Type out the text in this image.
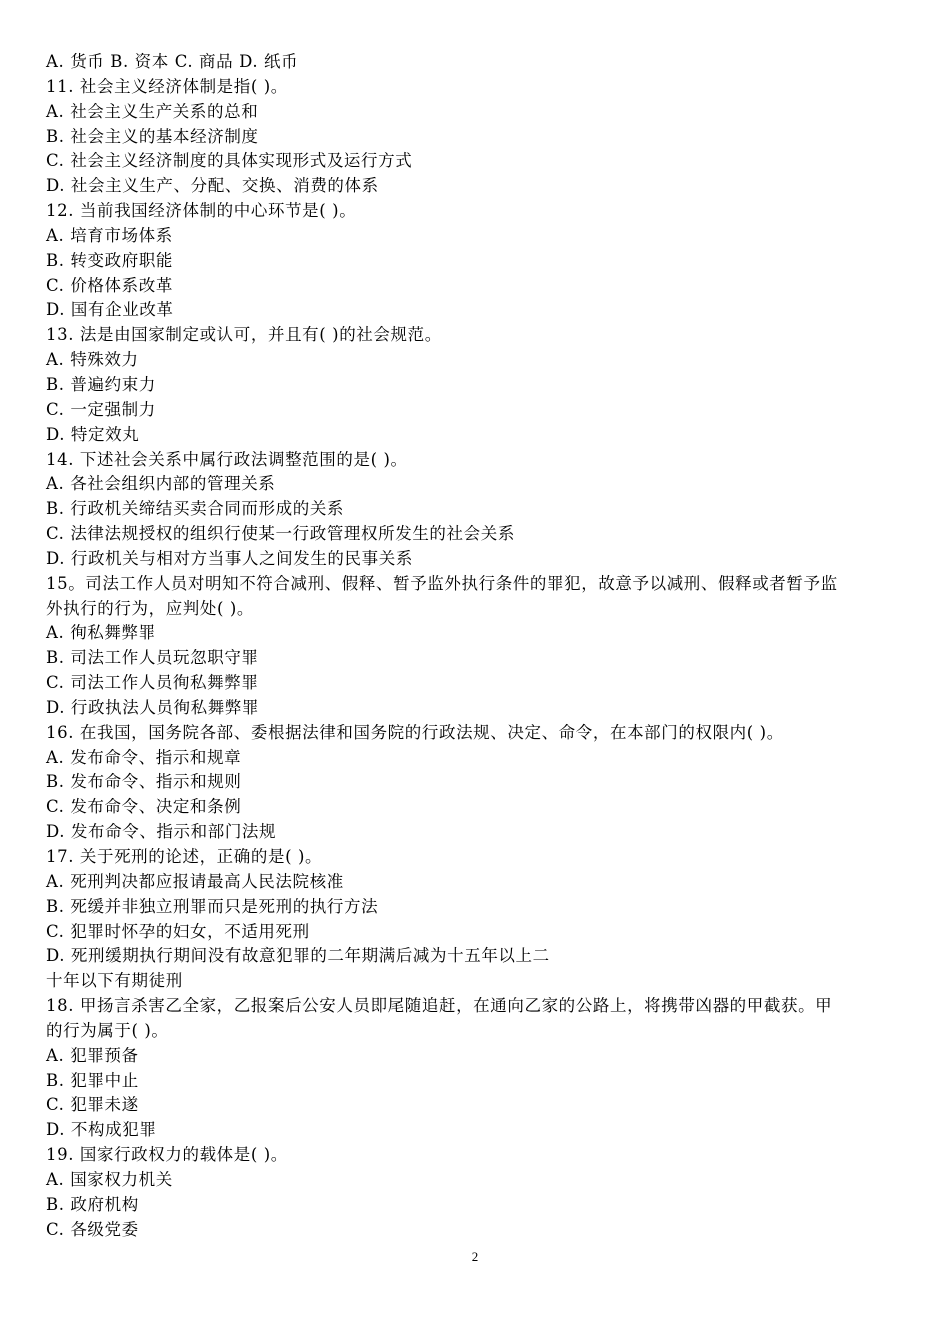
A. 货币 B. 资本 C. 商品 D. 纸币
11. 社会主义经济体制是指( )。
A. 社会主义生产关系的总和
B. 社会主义的基本经济制度
C. 社会主义经济制度的具体实现形式及运行方式
D. 社会主义生产、分配、交换、消费的体系
12. 当前我国经济体制的中心环节是( )。
A. 培育市场体系
B. 转变政府职能
C. 价格体系改革
D. 国有企业改革
13. 法是由国家制定或认可，并且有( )的社会规范。
A. 特殊效力
B. 普遍约束力
C. 一定强制力
D. 特定效丸
14. 下述社会关系中属行政法调整范围的是( )。
A. 各社会组织内部的管理关系
B. 行政机关缔结买卖合同而形成的关系
C. 法律法规授权的组织行使某一行政管理权所发生的社会关系
D. 行政机关与相对方当事人之间发生的民事关系
15。司法工作人员对明知不符合减刑、假释、暂予监外执行条件的罪犯，故意予以减刑、假释或者暂予监
外执行的行为，应判处( )。
A. 徇私舞弊罪
B. 司法工作人员玩忽职守罪
C. 司法工作人员徇私舞弊罪
D. 行政执法人员徇私舞弊罪
16. 在我国，国务院各部、委根据法律和国务院的行政法规、决定、命令，在本部门的权限内( )。
A. 发布命令、指示和规章
B. 发布命令、指示和规则
C. 发布命令、决定和条例
D. 发布命令、指示和部门法规
17. 关于死刑的论述，正确的是( )。
A. 死刑判决都应报请最高人民法院核准
B. 死缓并非独立刑罪而只是死刑的执行方法
C. 犯罪时怀孕的妇女，不适用死刑
D. 死刑缓期执行期间没有故意犯罪的二年期满后减为十五年以上二
十年以下有期徒刑
18. 甲扬言杀害乙全家，乙报案后公安人员即尾随追赶，在通向乙家的公路上，将携带凶器的甲截获。甲
的行为属于( )。
A. 犯罪预备
B. 犯罪中止
C. 犯罪未遂
D. 不构成犯罪
19. 国家行政权力的载体是( )。
A. 国家权力机关
B. 政府机构
C. 各级党委
2
